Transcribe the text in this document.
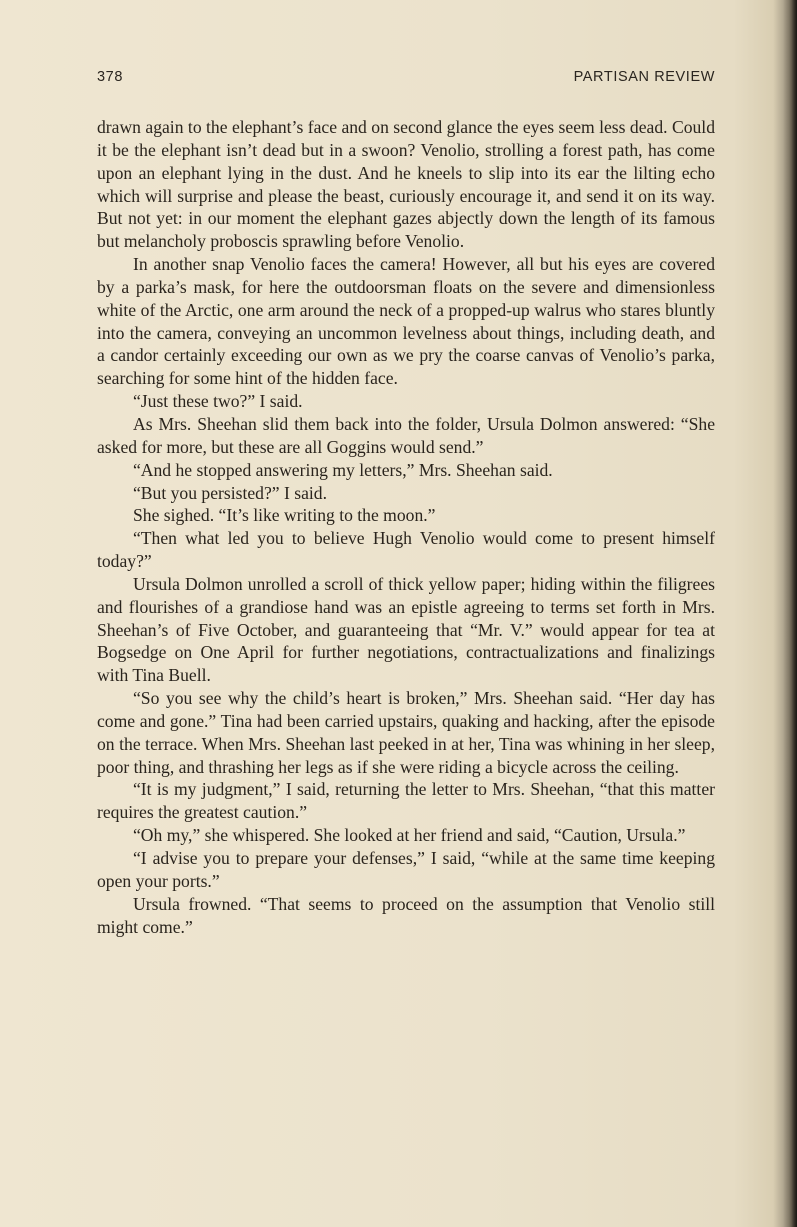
378	PARTISAN REVIEW

drawn again to the elephant’s face and on second glance the eyes seem less dead. Could it be the elephant isn’t dead but in a swoon? Venolio, strolling a forest path, has come upon an elephant lying in the dust. And he kneels to slip into its ear the lilting echo which will surprise and please the beast, curiously encourage it, and send it on its way. But not yet: in our moment the elephant gazes abjectly down the length of its famous but melancholy proboscis sprawling before Venolio.

In another snap Venolio faces the camera! However, all but his eyes are covered by a parka’s mask, for here the outdoorsman floats on the severe and dimensionless white of the Arctic, one arm around the neck of a propped-up walrus who stares bluntly into the camera, conveying an uncommon levelness about things, including death, and a candor certainly exceeding our own as we pry the coarse canvas of Venolio’s parka, searching for some hint of the hidden face.

“Just these two?” I said.

As Mrs. Sheehan slid them back into the folder, Ursula Dolmon answered: “She asked for more, but these are all Goggins would send.”

“And he stopped answering my letters,” Mrs. Sheehan said.

“But you persisted?” I said.

She sighed. “It’s like writing to the moon.”

“Then what led you to believe Hugh Venolio would come to present himself today?”

Ursula Dolmon unrolled a scroll of thick yellow paper; hiding within the filigrees and flourishes of a grandiose hand was an epistle agreeing to terms set forth in Mrs. Sheehan’s of Five October, and guaranteeing that “Mr. V.” would appear for tea at Bogsedge on One April for further negotiations, contractualizations and finalizings with Tina Buell.

“So you see why the child’s heart is broken,” Mrs. Sheehan said. “Her day has come and gone.” Tina had been carried upstairs, quaking and hacking, after the episode on the terrace. When Mrs. Sheehan last peeked in at her, Tina was whining in her sleep, poor thing, and thrashing her legs as if she were riding a bicycle across the ceiling.

“It is my judgment,” I said, returning the letter to Mrs. Sheehan, “that this matter requires the greatest caution.”

“Oh my,” she whispered. She looked at her friend and said, “Caution, Ursula.”

“I advise you to prepare your defenses,” I said, “while at the same time keeping open your ports.”

Ursula frowned. “That seems to proceed on the assumption that Venolio still might come.”
